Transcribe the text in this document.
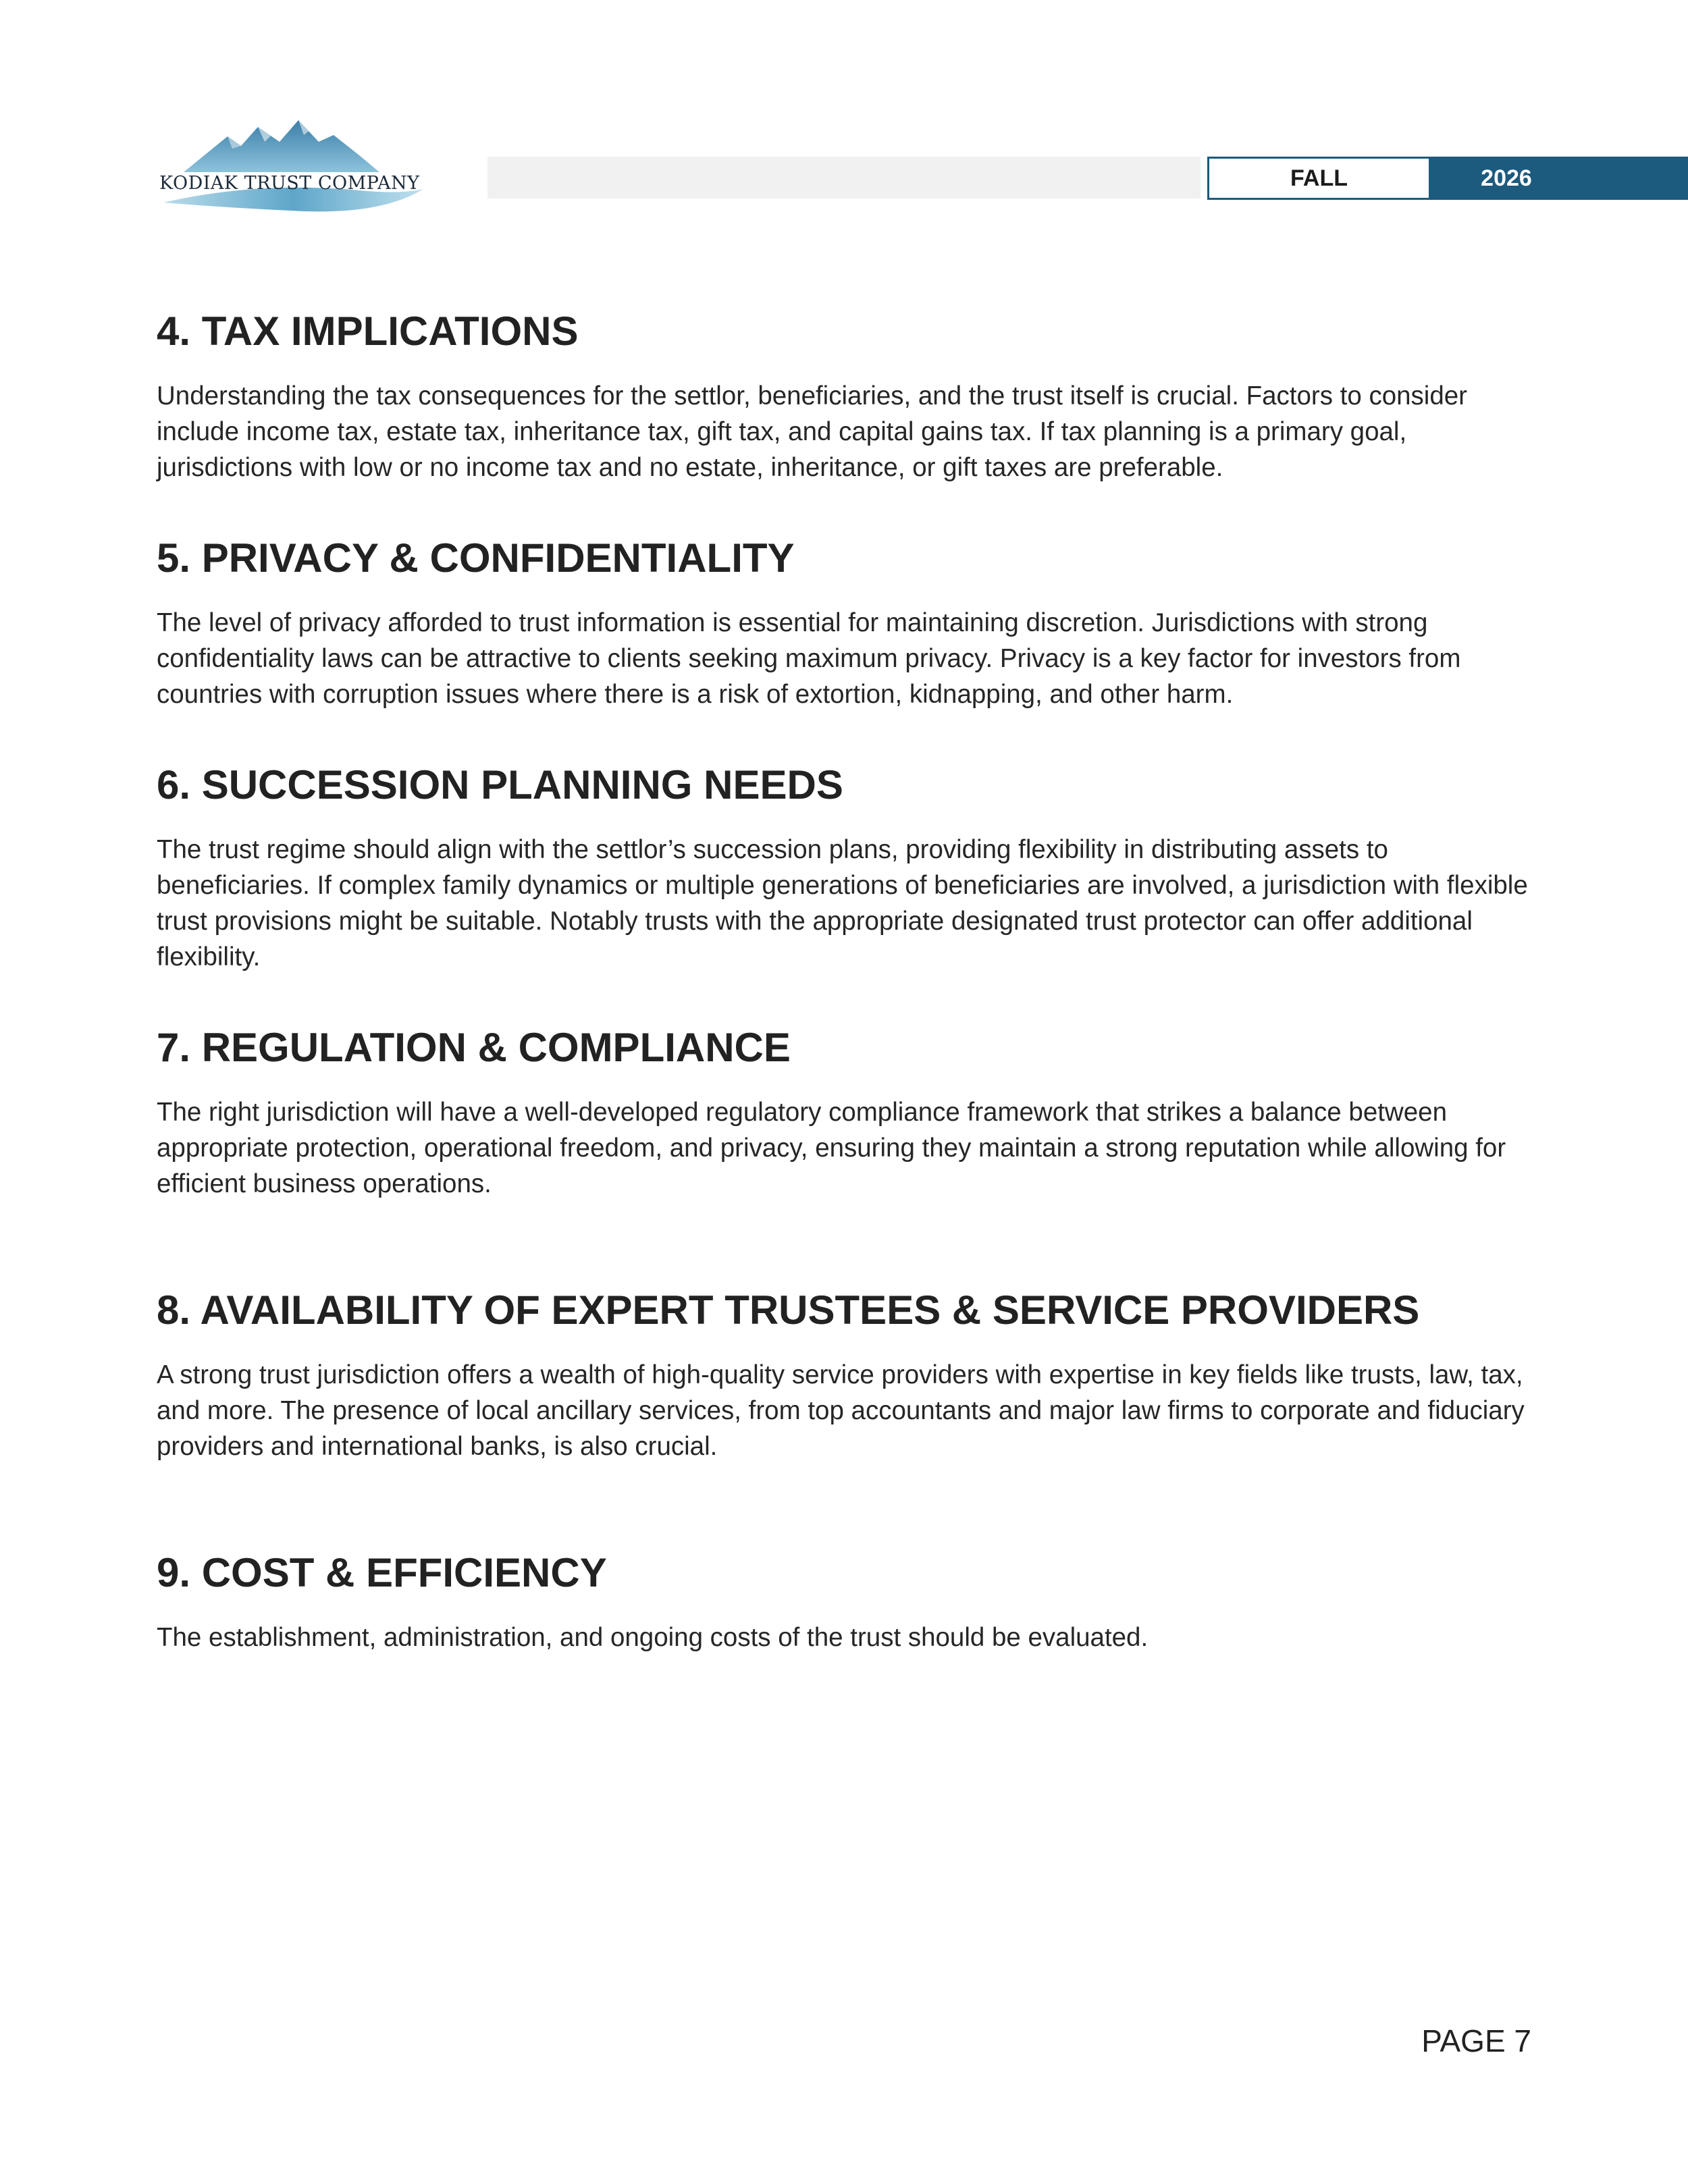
KODIAK TRUST COMPANY	FALL	2026
4. TAX IMPLICATIONS

Understanding the tax consequences for the settlor, beneficiaries, and the trust itself is crucial. Factors to consider include income tax, estate tax, inheritance tax, gift tax, and capital gains tax. If tax planning is a primary goal, jurisdictions with low or no income tax and no estate, inheritance, or gift taxes are preferable.

5. PRIVACY & CONFIDENTIALITY

The level of privacy afforded to trust information is essential for maintaining discretion. Jurisdictions with strong confidentiality laws can be attractive to clients seeking maximum privacy. Privacy is a key factor for investors from countries with corruption issues where there is a risk of extortion, kidnapping, and other harm.

6. SUCCESSION PLANNING NEEDS

The trust regime should align with the settlor’s succession plans, providing flexibility in distributing assets to beneficiaries. If complex family dynamics or multiple generations of beneficiaries are involved, a jurisdiction with flexible trust provisions might be suitable. Notably trusts with the appropriate designated trust protector can offer additional flexibility.

7. REGULATION & COMPLIANCE

The right jurisdiction will have a well-developed regulatory compliance framework that strikes a balance between appropriate protection, operational freedom, and privacy, ensuring they maintain a strong reputation while allowing for efficient business operations.

8. AVAILABILITY OF EXPERT TRUSTEES & SERVICE PROVIDERS

A strong trust jurisdiction offers a wealth of high-quality service providers with expertise in key fields like trusts, law, tax, and more. The presence of local ancillary services, from top accountants and major law firms to corporate and fiduciary providers and international banks, is also crucial.

9. COST & EFFICIENCY

The establishment, administration, and ongoing costs of the trust should be evaluated.

PAGE 7
